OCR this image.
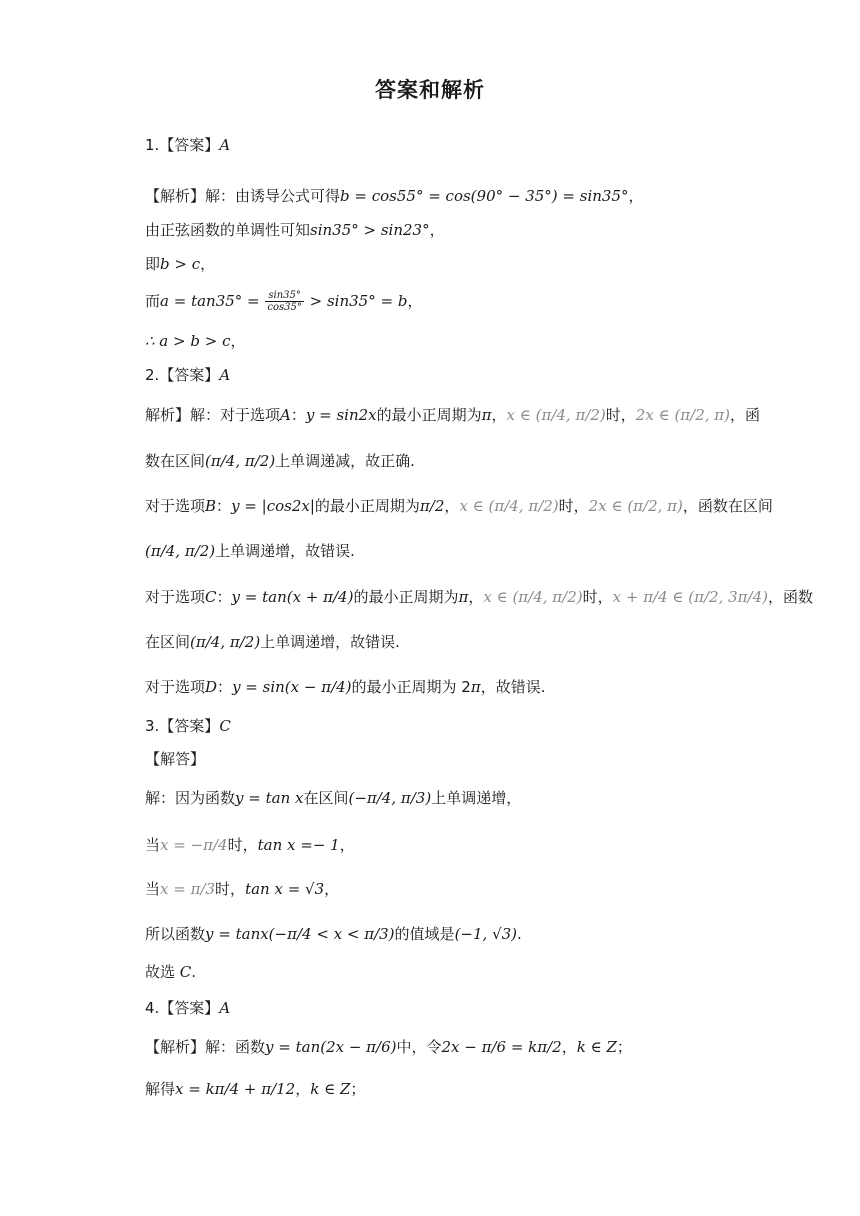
答案和解析
1.【答案】A
【解析】解：由诱导公式可得b = cos55° = cos(90° − 35°) = sin35°，
由正弦函数的单调性可知sin35° > sin23°，
即b > c，
而$a = \tan 35^\circ = \frac{\sin 35^\circ}{\cos 35^\circ} > \sin 35^\circ = b$，
∴ a > b > c，
2.【答案】A
解析】解：对于选项A：y = sin2x的最小正周期为π，x ∈ (π/4, π/2)时，2x ∈ (π/2, π)，函
数在区间(π/4, π/2)上单调递减，故正确.
对于选项B：y = |cos2x|的最小正周期为π/2，x ∈ (π/4, π/2)时，2x ∈ (π/2, π)，函数在区间
(π/4, π/2)上单调递增，故错误.
对于选项C：y = tan(x + π/4)的最小正周期为π，x ∈ (π/4, π/2)时，x + π/4 ∈ (π/2, 3π/4)，函数
在区间(π/4, π/2)上单调递增，故错误.
对于选项D：y = sin(x − π/4)的最小正周期为 2π，故错误.
3.【答案】C
【解答】
解：因为函数y = tan x在区间(−π/4, π/3)上单调递增，
当x = −π/4时，tan x =− 1，
当x = π/3时，tan x = √3，
所以函数y = tanx(−π/4 < x < π/3)的值域是(−1, √3).
故选 C.
4.【答案】A
【解析】解：函数y = tan(2x − π/6)中，令2x − π/6 = kπ/2，k ∈ Z；
解得x = kπ/4 + π/12，k ∈ Z；
